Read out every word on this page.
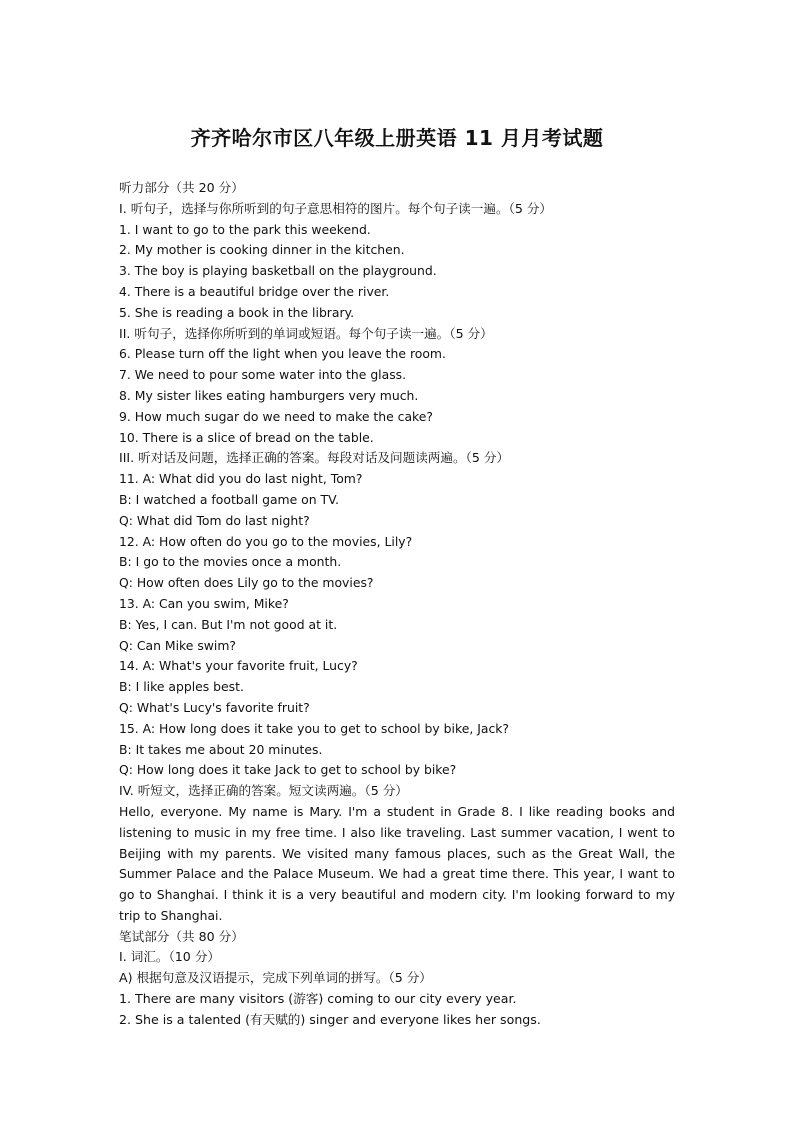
齐齐哈尔市区八年级上册英语 11 月月考试题
听力部分（共 20 分）
I. 听句子，选择与你所听到的句子意思相符的图片。每个句子读一遍。（5 分）
1. I want to go to the park this weekend.
2. My mother is cooking dinner in the kitchen.
3. The boy is playing basketball on the playground.
4. There is a beautiful bridge over the river.
5. She is reading a book in the library.
II. 听句子，选择你所听到的单词或短语。每个句子读一遍。（5 分）
6. Please turn off the light when you leave the room.
7. We need to pour some water into the glass.
8. My sister likes eating hamburgers very much.
9. How much sugar do we need to make the cake?
10. There is a slice of bread on the table.
III. 听对话及问题，选择正确的答案。每段对话及问题读两遍。（5 分）
11. A: What did you do last night, Tom?
B: I watched a football game on TV.
Q: What did Tom do last night?
12. A: How often do you go to the movies, Lily?
B: I go to the movies once a month.
Q: How often does Lily go to the movies?
13. A: Can you swim, Mike?
B: Yes, I can. But I'm not good at it.
Q: Can Mike swim?
14. A: What's your favorite fruit, Lucy?
B: I like apples best.
Q: What's Lucy's favorite fruit?
15. A: How long does it take you to get to school by bike, Jack?
B: It takes me about 20 minutes.
Q: How long does it take Jack to get to school by bike?
IV. 听短文，选择正确的答案。短文读两遍。（5 分）

Hello, everyone. My name is Mary. I'm a student in Grade 8. I like reading books and listening to music in my free time. I also like traveling. Last summer vacation, I went to Beijing with my parents. We visited many famous places, such as the Great Wall, the Summer Palace and the Palace Museum. We had a great time there. This year, I want to go to Shanghai. I think it is a very beautiful and modern city. I'm looking forward to my trip to Shanghai.

笔试部分（共 80 分）
I. 词汇。（10 分）
A) 根据句意及汉语提示，完成下列单词的拼写。（5 分）
1. There are many visitors (游客) coming to our city every year.
2. She is a talented (有天赋的) singer and everyone likes her songs.
